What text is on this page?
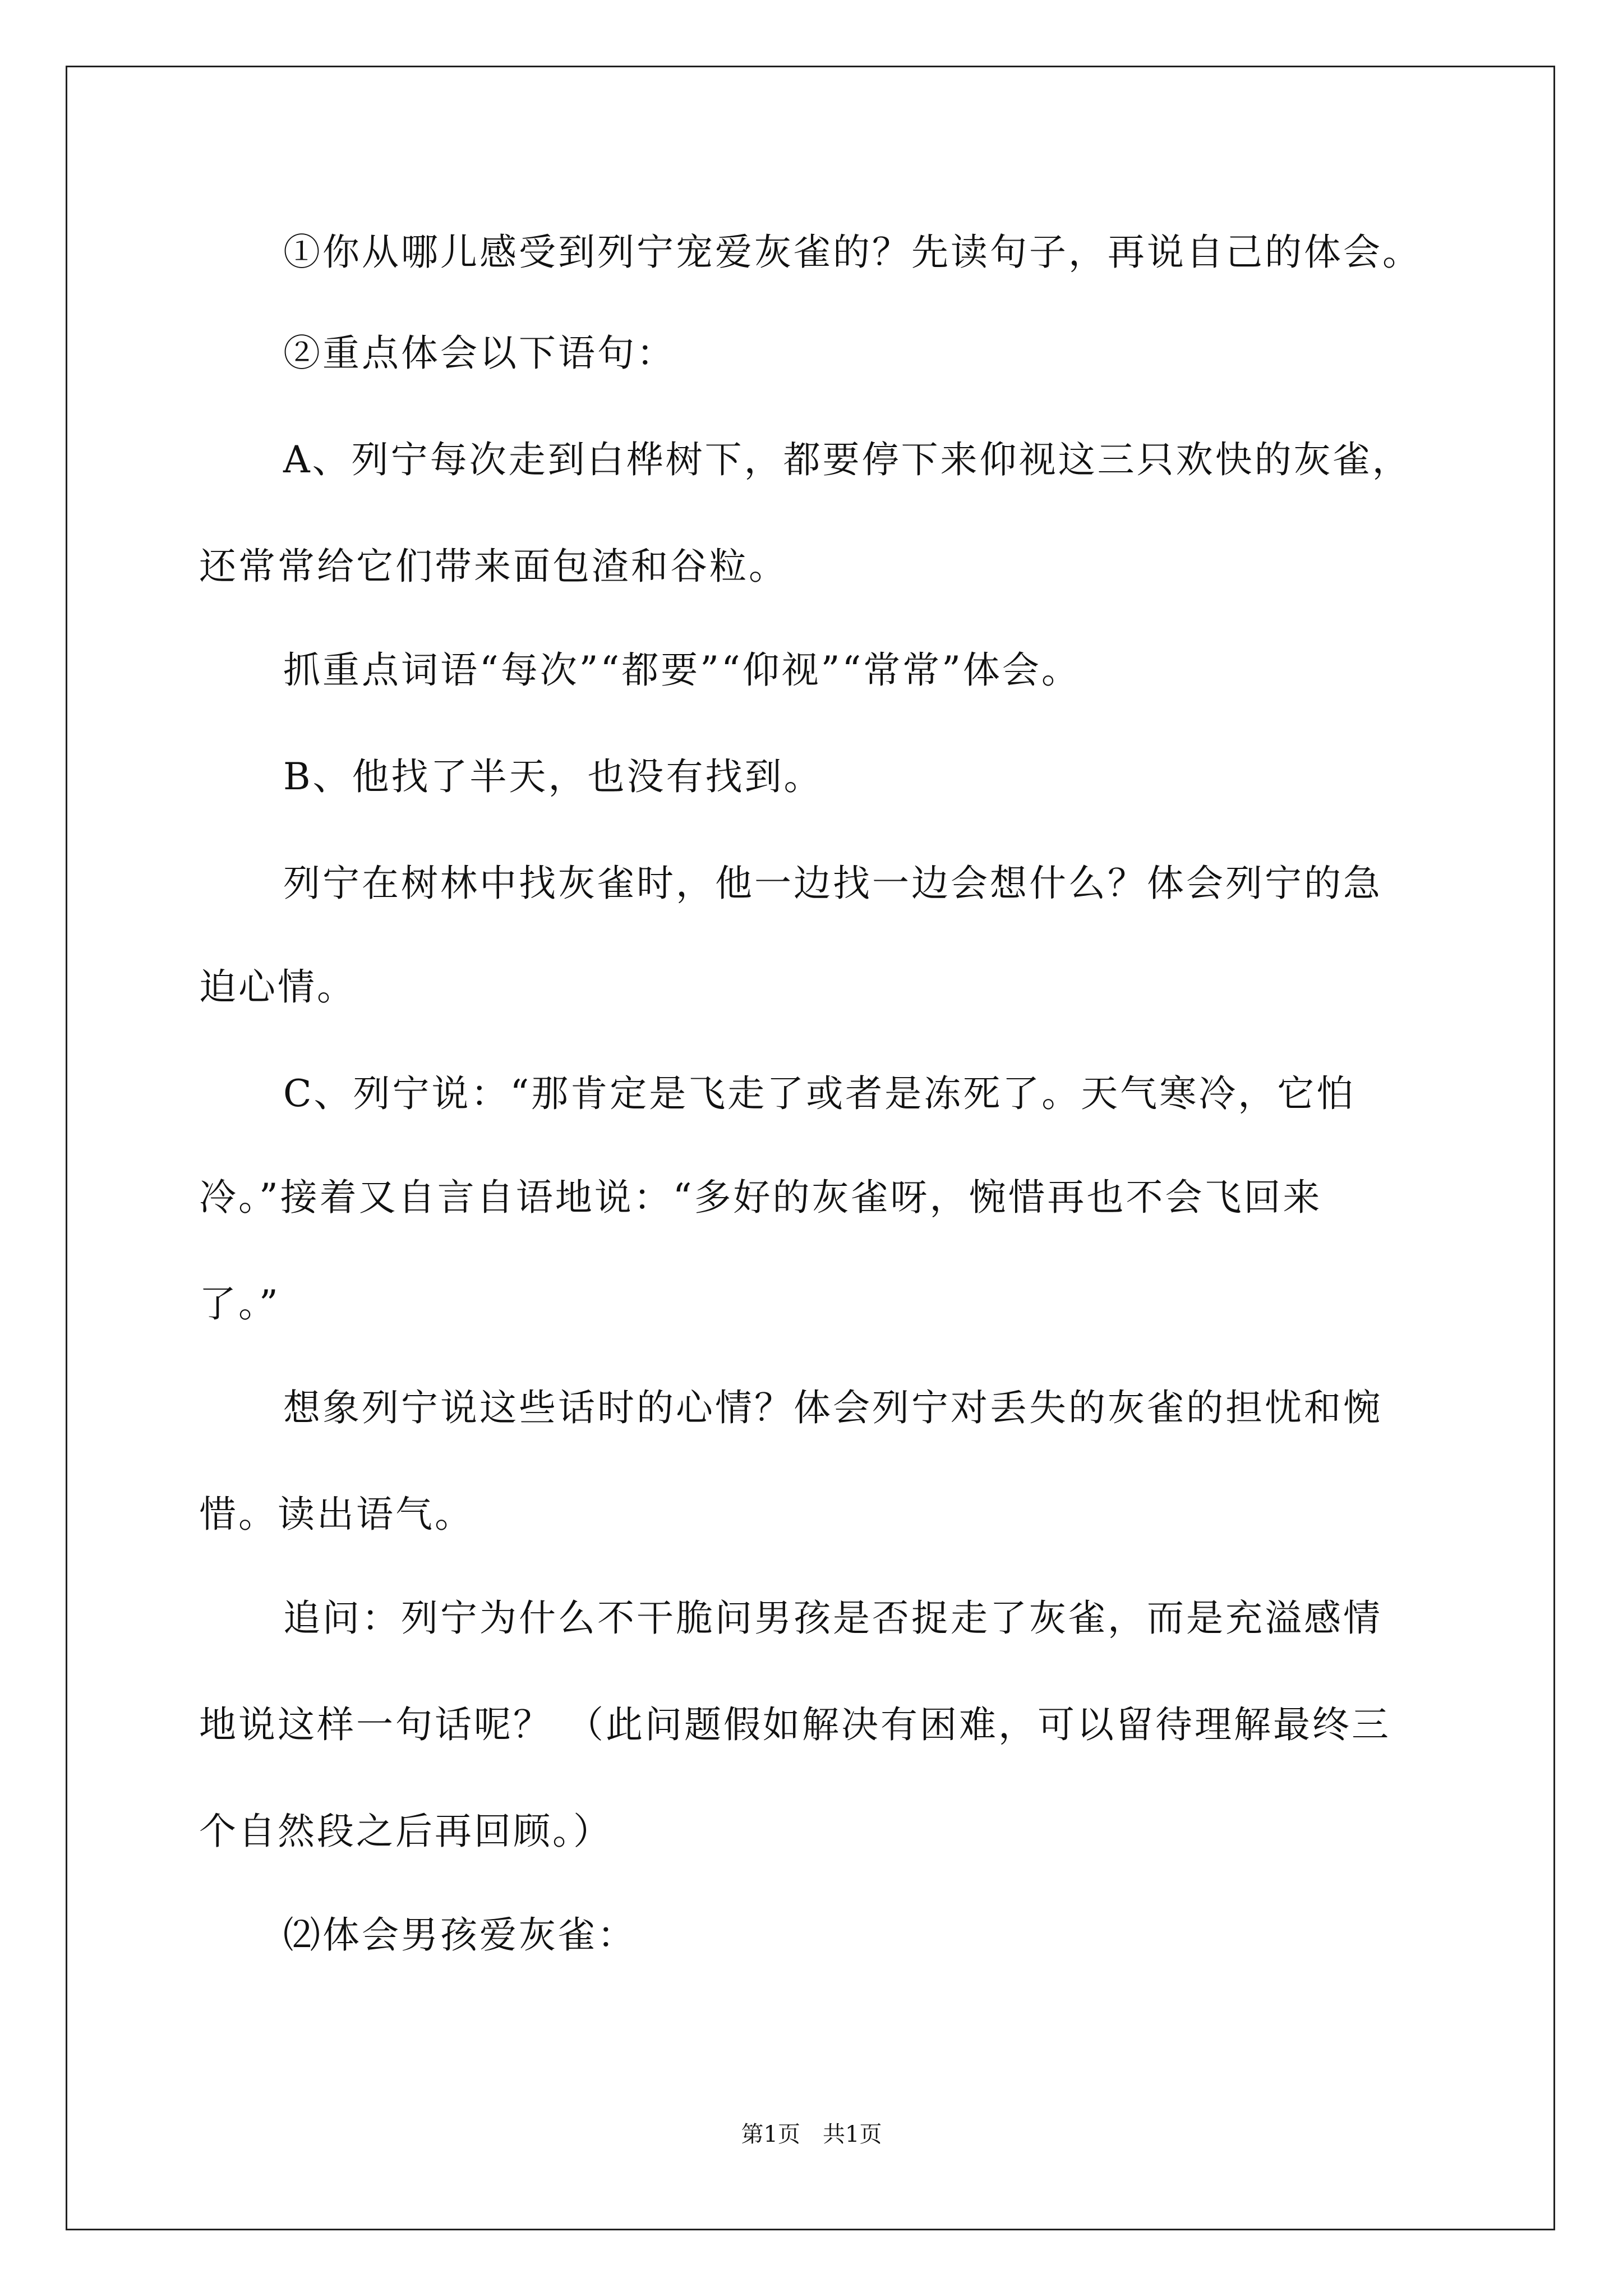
①你从哪儿感受到列宁宠爱灰雀的？先读句子，再说自己的体会。
②重点体会以下语句：
A、列宁每次走到白桦树下，都要停下来仰视这三只欢快的灰雀，
还常常给它们带来面包渣和谷粒。
抓重点词语“每次”“都要”“仰视”“常常”体会。
B、他找了半天，也没有找到。
列宁在树林中找灰雀时，他一边找一边会想什么？体会列宁的急
迫心情。
C、列宁说：“那肯定是飞走了或者是冻死了。天气寒冷，它怕
冷。”接着又自言自语地说：“多好的灰雀呀，惋惜再也不会飞回来
了。”
想象列宁说这些话时的心情？体会列宁对丢失的灰雀的担忧和惋
惜。读出语气。
追问：列宁为什么不干脆问男孩是否捉走了灰雀，而是充溢感情
地说这样一句话呢？ （此问题假如解决有困难，可以留待理解最终三
个自然段之后再回顾。）
⑵体会男孩爱灰雀：
第1页　共1页
